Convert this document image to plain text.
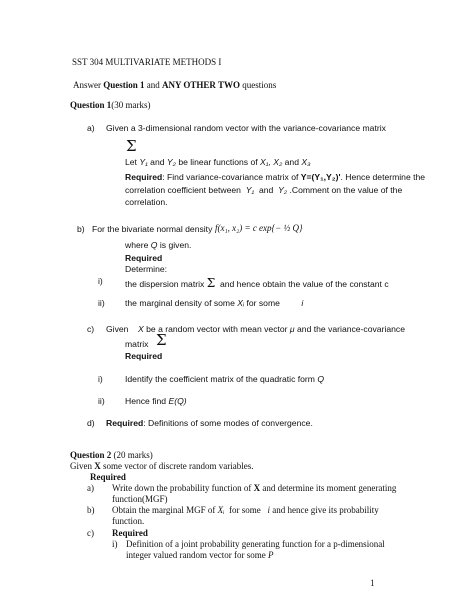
SST 304 MULTIVARIATE METHODS I
Answer Question 1 and ANY OTHER TWO questions
Question 1(30 marks)
a) Given a 3-dimensional random vector with the variance-covariance matrix
Σ
Let Y₁ and Y₂ be linear functions of X₁, X₂ and X₃
Required: Find variance-covariance matrix of Y=(Y₁,Y₂)'. Hence determine the
correlation coefficient between Y₁ and Y₂ .Comment on the value of the
correlation.
b) For the bivariate normal density f(x₁, x₂) = c exp{− ½ Q}
where Q is given.
Required
Determine:
i)	the dispersion matrix Σ and hence obtain the value of the constant c
ii) the marginal density of some Xᵢ for some         i
c) Given X be a random vector with mean vector μ and the variance-covariance
matrix Σ
Required
i)	Identify the coefficient matrix of the quadratic form Q
ii) Hence find E(Q)
d) Required: Definitions of some modes of convergence.
Question 2 (20 marks)
Given X some vector of discrete random variables.
Required
a) Write down the probability function of X and determine its moment generating
function(MGF)
b) Obtain the marginal MGF of Xᵢ  for some   i and hence give its probability
function.
c) Required
i) Definition of a joint probability generating function for a p-dimensional
integer valued random vector for some P
1
